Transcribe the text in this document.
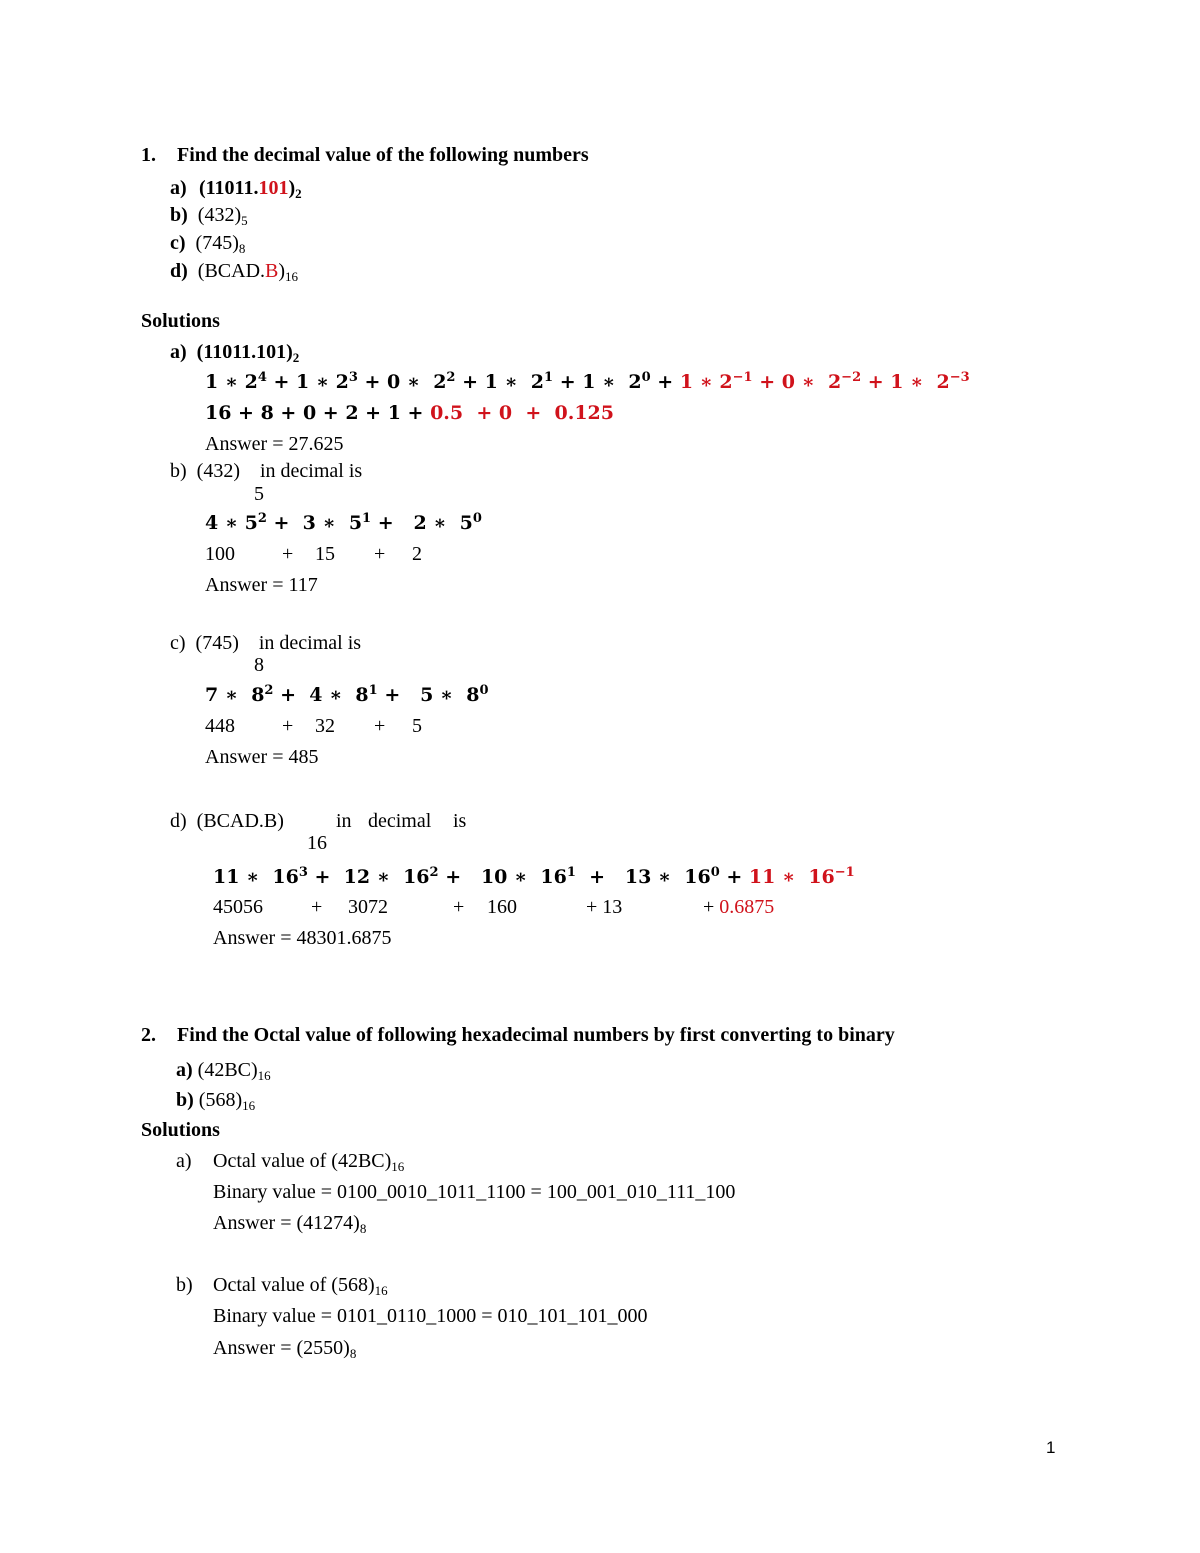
1. Find the decimal value of the following numbers
a) $(11011.101)_2$
b) $(432)_5$
c) $(745)_8$
d) $(BCAD.B)_{16}$
Solutions
a) $(11011.101)_2$
1 ∗ $2^4 + 1$ ∗ $2^3 + 0$ ∗  $2^2 + 1$ ∗  $2^1 + 1$ ∗  $2^0 + 1$ ∗ $2^{-1} + 0$ ∗  $2^{-2} + 1$ ∗  $2^{-3}$
16 + 8 + 0 + 2 + 1 + 0.5  + 0  +  0.125
Answer = 27.625
b) (432) in decimal is
5
4 ∗ $5^2 + 3$ ∗  $5^1 + 2$ ∗  $5^0$
100 + 15 + 2
Answer = 117
c) (745) in decimal is
8
7 ∗  $8^2 + 4$ ∗  $8^1 + 5$ ∗  $8^0$
448 + 32 + 5
Answer = 485
d) (BCAD.B)	in decimal is
16
11 ∗  $16^3 + 12$ ∗  $16^2 + 10$ ∗  $16^1 + 13$ ∗  $16^0 + 11$ ∗  $16^{-1}$
45056 + 3072	+ 160	+ 13	+ 0.6875
Answer = 48301.6875
2. Find the Octal value of following hexadecimal numbers by first converting to binary
a) $(42BC)_{16}$
b) $(568)_{16}$
Solutions
a) Octal value of $(42BC)_{16}$
Binary value = 0100_0010_1011_1100 = 100_001_010_111_100
Answer = $(41274)_8$
b) Octal value of $(568)_{16}$
Binary value = 0101_0110_1000 = 010_101_101_000
Answer = $(2550)_8$
1
